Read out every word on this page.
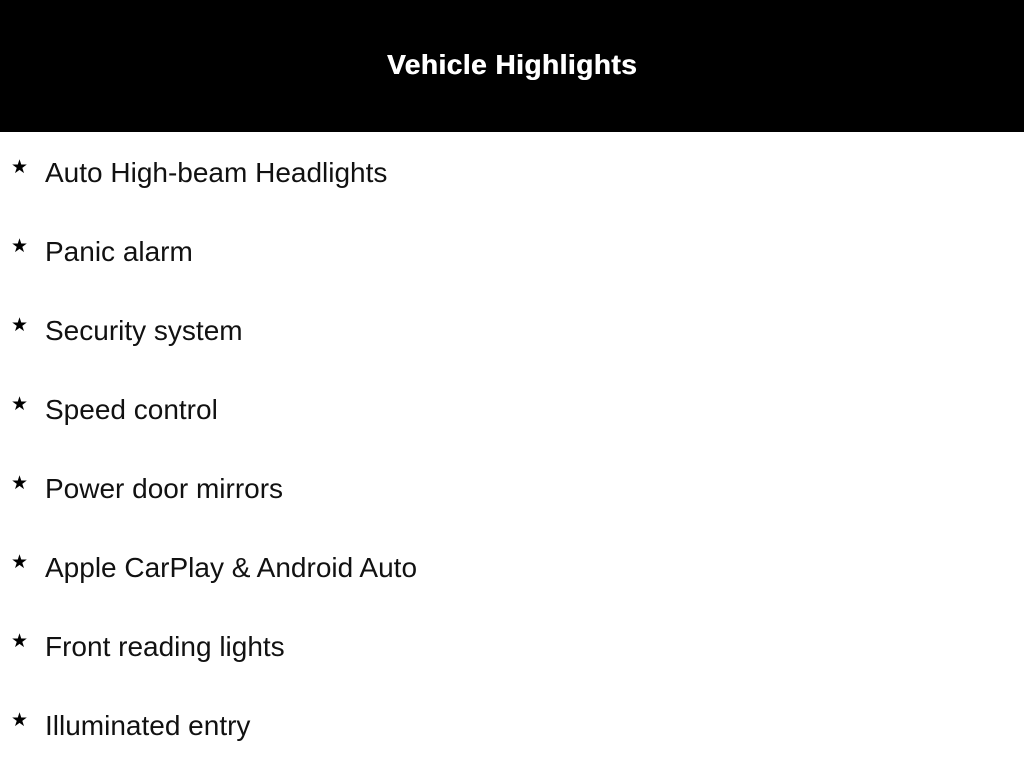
Vehicle Highlights
★ Auto High-beam Headlights
★ Panic alarm
★ Security system
★ Speed control
★ Power door mirrors
★ Apple CarPlay & Android Auto
★ Front reading lights
★ Illuminated entry
